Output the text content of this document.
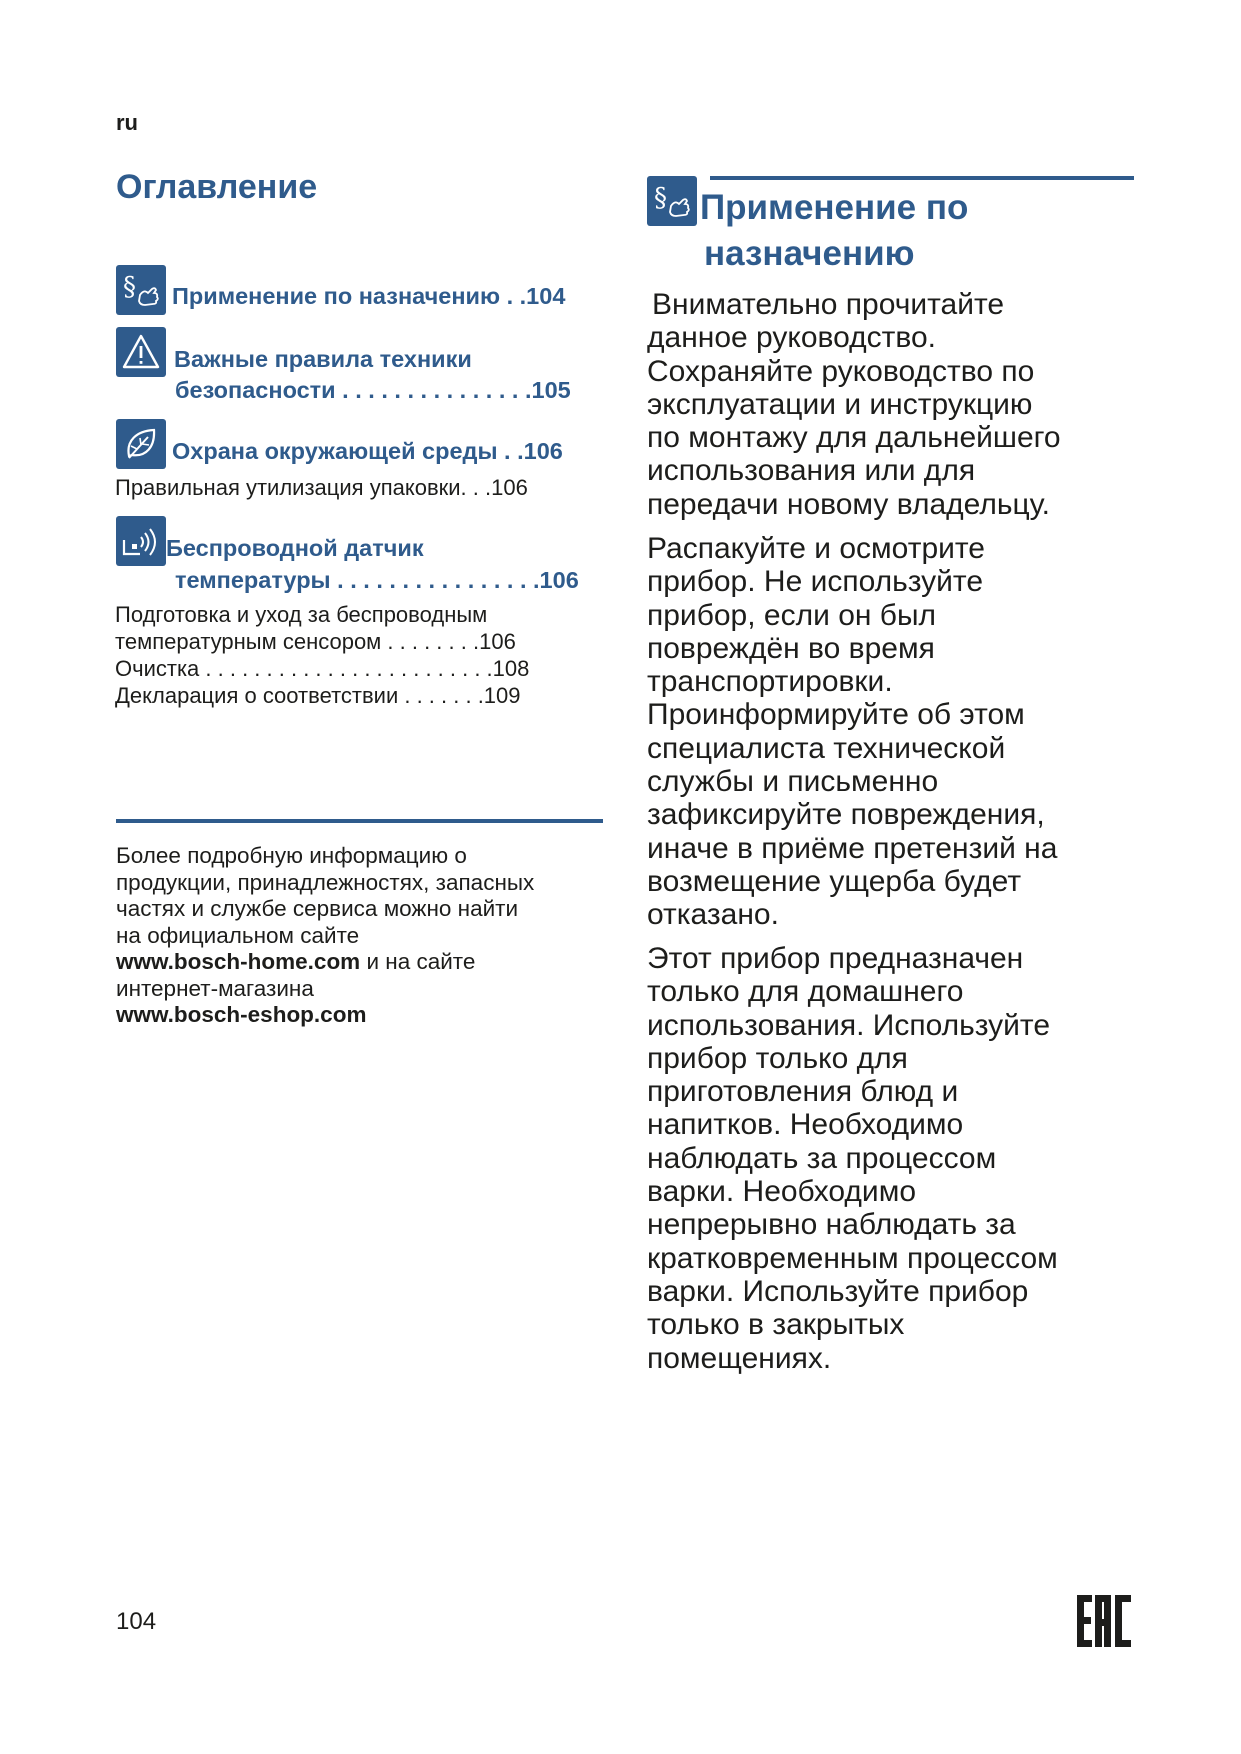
ru
Оглавление
§ Применение по назначению . .104
Важные правила техники
безопасности . . . . . . . . . . . . . . .105
Охрана окружающей среды . .106
Правильная утилизация упаковки. . .106
Беспроводной датчик
температуры . . . . . . . . . . . . . . . .106
Подготовка и уход за беспроводным
температурным сенсором . . . . . . . .106
Очистка . . . . . . . . . . . . . . . . . . . . . . . .108
Декларация о соответствии . . . . . . .109
Более подробную информацию о
продукции, принадлежностях, запасных
частях и службе сервиса можно найти
на официальном сайте
www.bosch-home.com и на сайте
интернет-магазина
www.bosch-eshop.com
§ Применение по
назначению
Внимательно прочитайте
данное руководство.
Сохраняйте руководство по
эксплуатации и инструкцию
по монтажу для дальнейшего
использования или для
передачи новому владельцу.
Распакуйте и осмотрите
прибор. Не используйте
прибор, если он был
повреждён во время
транспортировки.
Проинформируйте об этом
специалиста технической
службы и письменно
зафиксируйте повреждения,
иначе в приёме претензий на
возмещение ущерба будет
отказано.
Этот прибор предназначен
только для домашнего
использования. Используйте
прибор только для
приготовления блюд и
напитков. Необходимо
наблюдать за процессом
варки. Необходимо
непрерывно наблюдать за
кратковременным процессом
варки. Используйте прибор
только в закрытых
помещениях.
104
